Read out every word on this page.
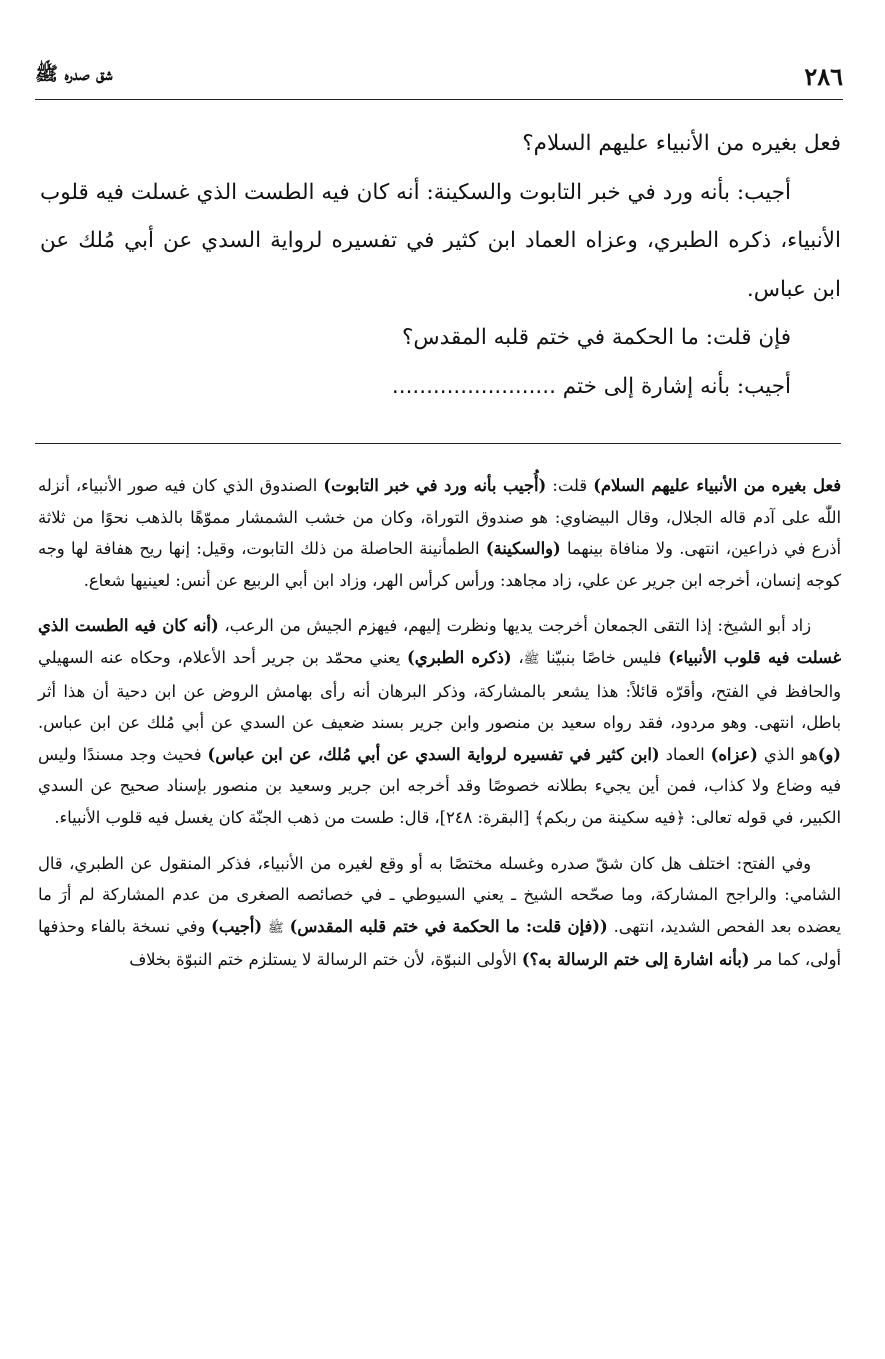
٢٨٦
شق صدره ﷺ

فعل بغيره من الأنبياء عليهم السلام؟

أجيب: بأنه ورد في خبر التابوت والسكينة: أنه كان فيه الطست الذي غسلت فيه قلوب الأنبياء، ذكره الطبري، وعزاه العماد ابن كثير في تفسيره لرواية السدي عن أبي مُلك عن ابن عباس.

فإن قلت: ما الحكمة في ختم قلبه المقدس؟

أجيب: بأنه إشارة إلى ختم ........................

فعل بغيره من الأنبياء عليهم السلام) قلت: (أُجيب بأنه ورد في خبر التابوت) الصندوق الذي كان فيه صور الأنبياء، أنزله اللّٰه على آدم قاله الجلال، وقال البيضاوي: هو صندوق التوراة، وكان من خشب الشمشار مموّهًا بالذهب نحوًا من ثلاثة أذرع في ذراعين، انتهى. ولا منافاة بينهما (والسكينة) الطمأنينة الحاصلة من ذلك التابوت، وقيل: إنها ريح هفافة لها وجه كوجه إنسان، أخرجه ابن جرير عن علي، زاد مجاهد: ورأس كرأس الهر، وزاد ابن أبي الربيع عن أنس: لعينيها شعاع.

زاد أبو الشيخ: إذا التقى الجمعان أخرجت يديها ونظرت إليهم، فيهزم الجيش من الرعب، (أنه كان فيه الطست الذي غسلت فيه قلوب الأنبياء) فليس خاصًا بنبيّنا ﷺ، (ذكره الطبري) يعني محمّد بن جرير أحد الأعلام، وحكاه عنه السهيلي والحافظ في الفتح، وأقرّه قائلاً: هذا يشعر بالمشاركة، وذكر البرهان أنه رأى بهامش الروض عن ابن دحية أن هذا أثر باطل، انتهى. وهو مردود، فقد رواه سعيد بن منصور وابن جرير بسند ضعيف عن السدي عن أبي مُلك عن ابن عباس. (و)هو الذي (عزاه) العماد (ابن كثير في تفسيره لرواية السدي عن أبي مُلك، عن ابن عباس) فحيث وجد مسندًا وليس فيه وضاع ولا كذاب، فمن أين يجيء بطلانه خصوصًا وقد أخرجه ابن جرير وسعيد بن منصور بإسناد صحيح عن السدي الكبير، في قوله تعالى: ﴿فيه سكينة من ربكم﴾ [البقرة: ٢٤٨]، قال: طست من ذهب الجنّة كان يغسل فيه قلوب الأنبياء.

وفي الفتح: اختلف هل كان شقّ صدره وغسله مختصًا به أو وقع لغيره من الأنبياء، فذكر المنقول عن الطبري، قال الشامي: والراجح المشاركة، وما صحّحه الشيخ ـ يعني السيوطي ـ في خصائصه الصغرى من عدم المشاركة لم أرَ ما يعضده بعد الفحص الشديد، انتهى. ((فإن قلت: ما الحكمة في ختم قلبه المقدس) ﷺ (أجيب) وفي نسخة بالفاء وحذفها أولى، كما مر (بأنه اشارة إلى ختم الرسالة به؟) الأولى النبوّة، لأن ختم الرسالة لا يستلزم ختم النبوّة بخلاف
